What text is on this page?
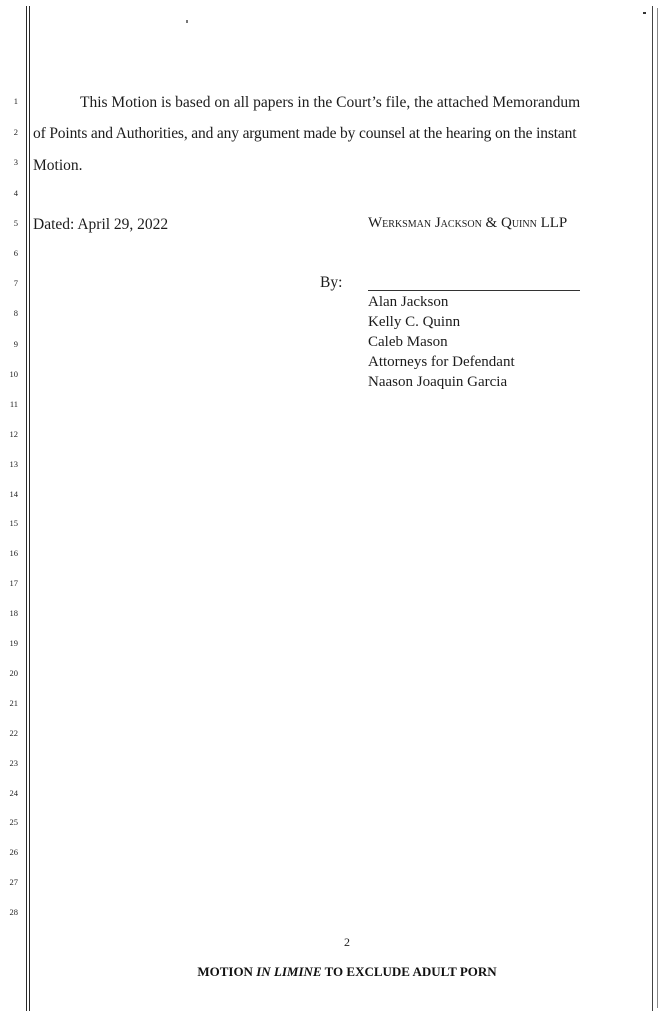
1
2
3
4
5
6
7
8
9
10
11
12
13
14
15
16
17
18
19
20
21
22
23
24
25
26
27
28
This Motion is based on all papers in the Court’s file, the attached Memorandum
of Points and Authorities, and any argument made by counsel at the hearing on the instant
Motion.
Dated: April 29, 2022	Werksman Jackson & Quinn LLP
By:
Alan Jackson
Kelly C. Quinn
Caleb Mason
Attorneys for Defendant
Naason Joaquin Garcia
2
MOTION IN LIMINE TO EXCLUDE ADULT PORN
